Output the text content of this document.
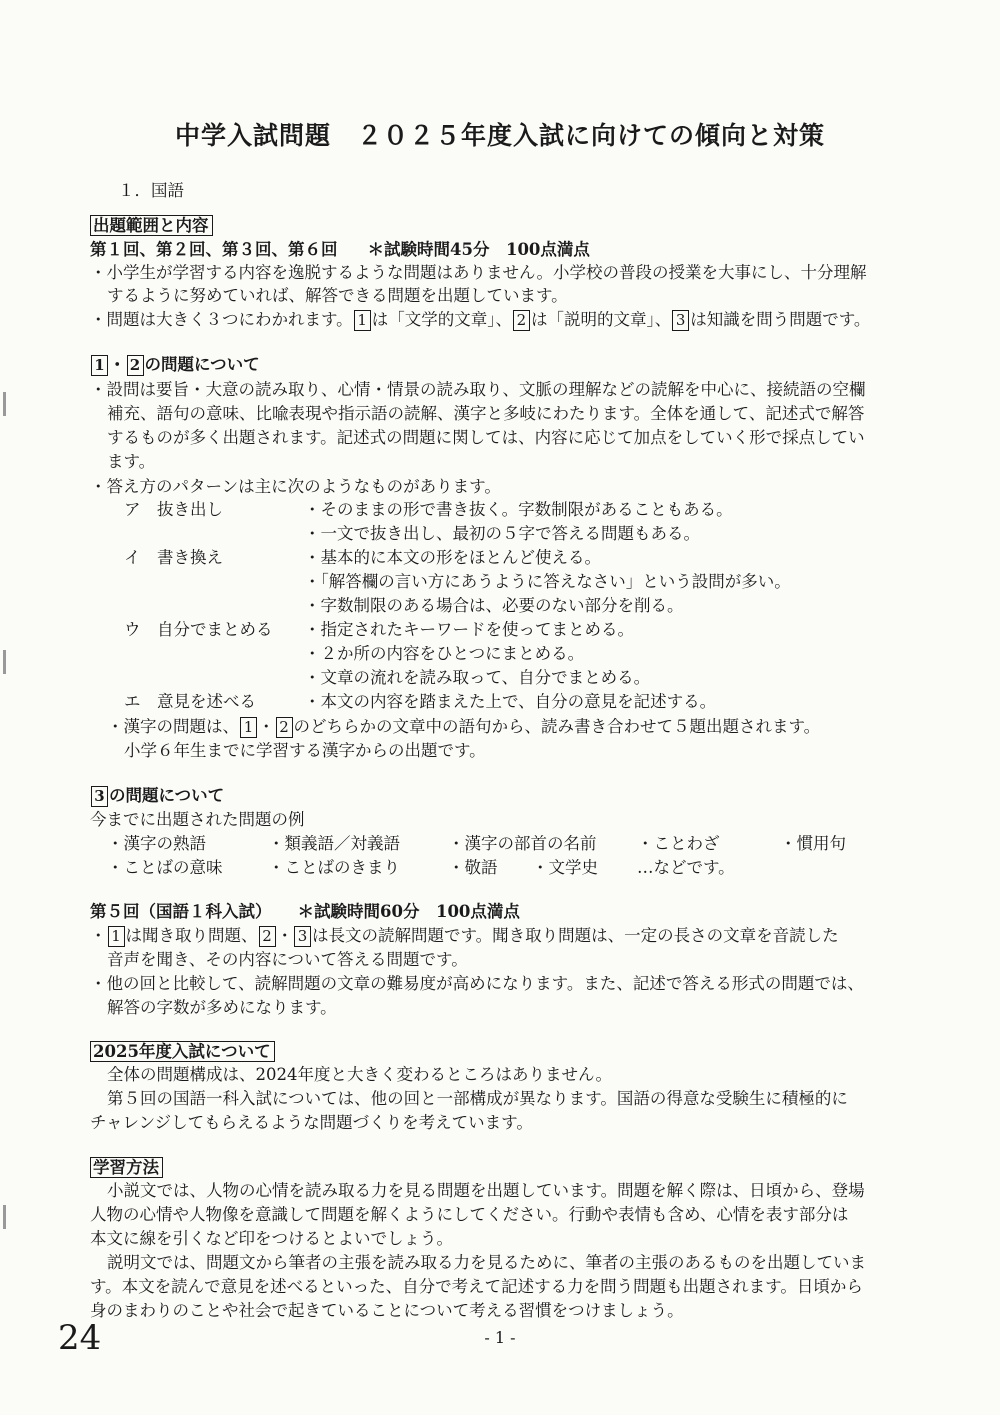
中学入試問題　２０２５年度入試に向けての傾向と対策
１．国語
出題範囲と内容
第１回、第２回、第３回、第６回 ＊試験時間45分　100点満点
・小学生が学習する内容を逸脱するような問題はありません。小学校の普段の授業を大事にし、十分理解
するように努めていれば、解答できる問題を出題しています。
・問題は大きく３つにわかれます。 1 は「文学的文章」、 2 は「説明的文章」、 3 は知識を問う問題です。
1 ・ 2 の問題について
・設問は要旨・大意の読み取り、心情・情景の読み取り、文脈の理解などの読解を中心に、接続語の空欄
補充、語句の意味、比喩表現や指示語の読解、漢字と多岐にわたります。全体を通して、記述式で解答
するものが多く出題されます。記述式の問題に関しては、内容に応じて加点をしていく形で採点してい
ます。
・答え方のパターンは主に次のようなものがあります。
ア　抜き出し	・そのままの形で書き抜く。字数制限があることもある。
・一文で抜き出し、最初の５字で答える問題もある。
イ　書き換え	・基本的に本文の形をほとんど使える。
・「解答欄の言い方にあうように答えなさい」という設問が多い。
・字数制限のある場合は、必要のない部分を削る。
ウ　自分でまとめる ・指定されたキーワードを使ってまとめる。
・２か所の内容をひとつにまとめる。
・文章の流れを読み取って、自分でまとめる。
エ　意見を述べる	・本文の内容を踏まえた上で、自分の意見を記述する。
・漢字の問題は、 1 ・ 2 のどちらかの文章中の語句から、読み書き合わせて５題出題されます。
小学６年生までに学習する漢字からの出題です。
3 の問題について
今までに出題された問題の例
・漢字の熟語	・類義語／対義語	・漢字の部首の名前 ・ことわざ	・慣用句
・ことばの意味	・ことばのきまり	・敬語 ・文学史 …などです。
第５回（国語１科入試） ＊試験時間60分　100点満点
・ 1 は聞き取り問題、 2 ・ 3 は長文の読解問題です。聞き取り問題は、一定の長さの文章を音読した
音声を聞き、その内容について答える問題です。
・他の回と比較して、読解問題の文章の難易度が高めになります。また、記述で答える形式の問題では、
解答の字数が多めになります。
2025年度入試について
全体の問題構成は、2024年度と大きく変わるところはありません。
第５回の国語一科入試については、他の回と一部構成が異なります。国語の得意な受験生に積極的に
チャレンジしてもらえるような問題づくりを考えています。
学習方法
小説文では、人物の心情を読み取る力を見る問題を出題しています。問題を解く際は、日頃から、登場
人物の心情や人物像を意識して問題を解くようにしてください。行動や表情も含め、心情を表す部分は
本文に線を引くなど印をつけるとよいでしょう。
説明文では、問題文から筆者の主張を読み取る力を見るために、筆者の主張のあるものを出題していま
す。本文を読んで意見を述べるといった、自分で考えて記述する力を問う問題も出題されます。日頃から
身のまわりのことや社会で起きていることについて考える習慣をつけましょう。
24	- 1 -
